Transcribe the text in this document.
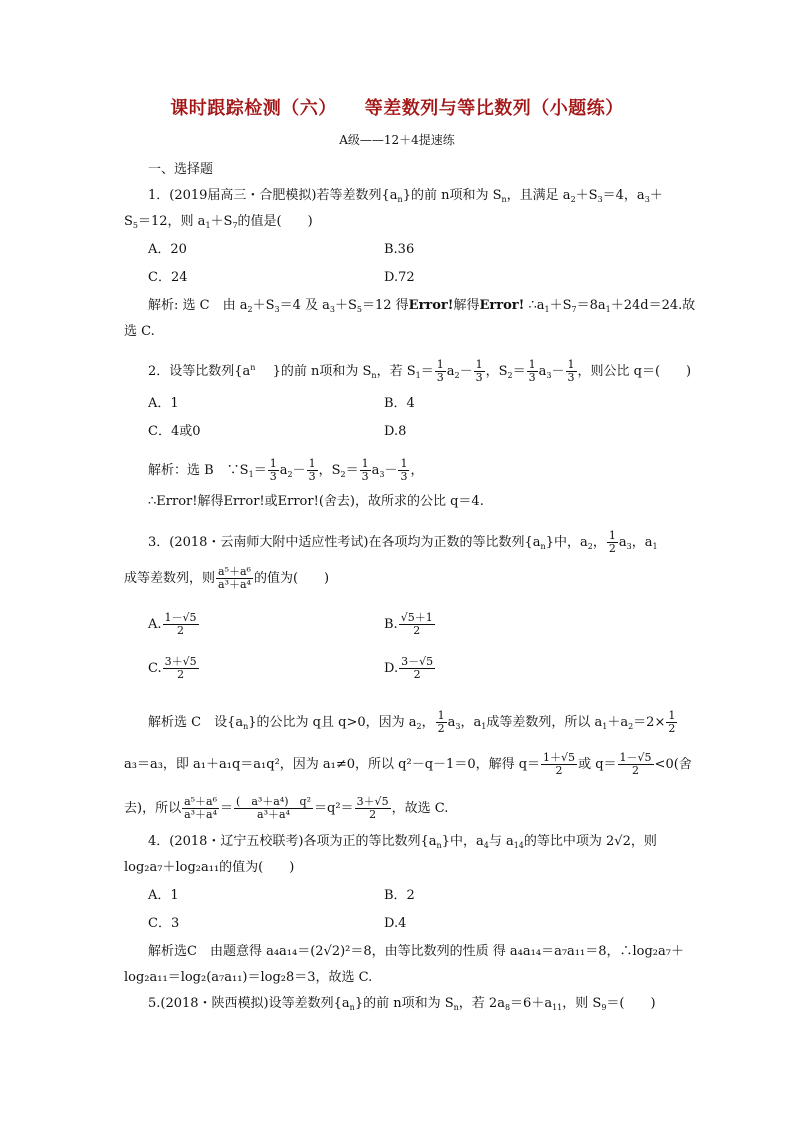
课时跟踪检测（六） 等差数列与等比数列（小题练）
A级——12＋4提速练
一、选择题
1．(2019届高三・合肥模拟)若等差数列$\{a_n\}$的前 n项和为 $S_n$，且满足 $a_2+S_3=4$，$a_3+$
$S_5=12$，则 $a_1+S_7$的值是(　　)
A．20	B.36
C．24	D.72
解析: 选 C　由 $a_2+S_3=4$ 及 $a_3+S_5=12$ 得Error!解得Error! $\therefore a_1+S_7=8a_1+24d=24$.故
选 C.
2．设等比数列{$a^n$　 }的前 n项和为 $S_n$，若 $S_1= \frac{1}{3} a_2- \frac{1}{3}$ ，$S_2= \frac{1}{3} a_3- \frac{1}{3}$ ，则公比 q＝(　　)
A．1	B．4
C．4或0	D.8
解析：选 B　$\because S_1= \frac{1}{3} a_2- \frac{1}{3}$ ，$S_2= \frac{1}{3} a_3- \frac{1}{3}$ ，
∴Error!解得Error!或Error!(舍去)，故所求的公比 q＝4.
3．(2018・云南师大附中适应性考试)在各项均为正数的等比数列$\{a_n\}$中，$a_2$， $\frac{1}{2} a_3$，$a_1$
成等差数列，则 $\frac{\text{a⁵＋a⁶}}{\text{a³＋a⁴}}$ 的值为(　　)
A. $\frac{1-√5}{2}$	B. $\frac{√5+1}{2}$
C. $\frac{3+√5}{2}$	D. $\frac{3-√5}{2}$
解析选 C　设$\{a_n\}$的公比为 q且 q>0，因为 $a_2$， $\frac{1}{2} a_3$，$a_1$成等差数列，所以 $a_1+a_2=2\times \frac{1}{2}$
a₃＝a₃，即 a₁＋a₁q＝a₁q²，因为 a₁≠0，所以 q²－q－1＝0，解得 $q= \frac{1+√5}{2}$ 或 $q= \frac{1-√5}{2} <0$(舍
去)，所以 $\frac{\text{a⁵＋a⁶}}{\text{a³＋a⁴}} = \frac{\text{(　a³＋a⁴)　q²}}{\text{a³＋a⁴}} =q^2= \frac{3+√5}{2}$ ，故选 C.
4．(2018・辽宁五校联考)各项为正的等比数列$\{a_n\}$中，$a_4$与 $a_{14}$的等比中项为 2√2，则
log₂a₇＋log₂a₁₁的值为(　　)
A．1	B．2
C．3	D.4
解析选C　由题意得 a₄a₁₄＝(2√2)²＝8，由等比数列的性质 得 a₄a₁₄＝a₇a₁₁＝8，∴log₂a₇＋
log₂a₁₁＝log₂(a₇a₁₁)＝log₂8＝3，故选 C.
5.(2018・陕西模拟)设等差数列$\{a_n\}$的前 n项和为 $S_n$，若 $2a_8=6+a_{11}$，则 $S_9=$(　　)
